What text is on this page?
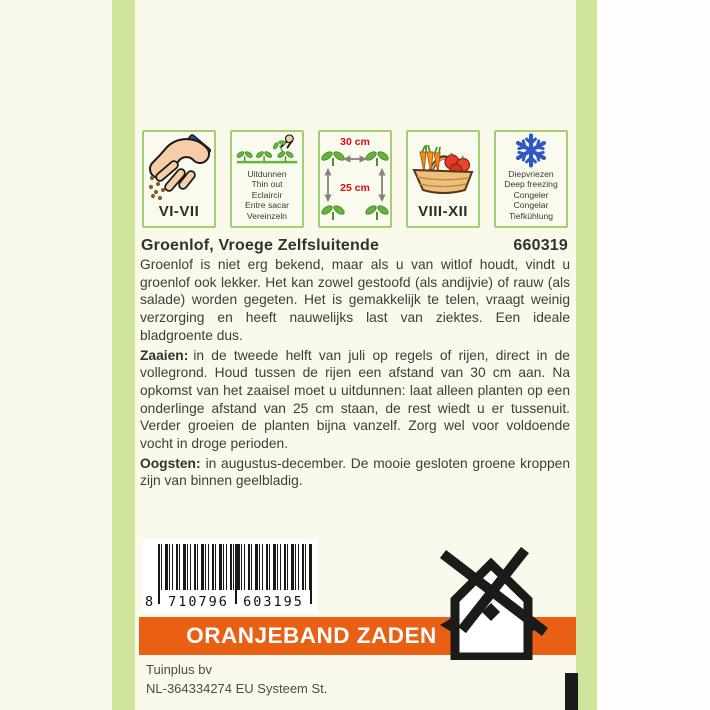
VI-VII
Uitdunnen
Thin out
Eclaircir
Entre sacar
Vereinzeln
30 cm
25 cm
VIII-XII
Diepvriezen
Deep freezing
Congeler
Congelar
Tiefkühlung
Groenlof, Vroege Zelfsluitende	660319

Groenlof is niet erg bekend, maar als u van witlof houdt, vindt u groenlof ook lekker. Het kan zowel gestoofd (als andijvie) of rauw (als salade) worden gegeten. Het is gemakkelijk te telen, vraagt weinig verzorging en heeft nauwelijks last van ziektes. Een ideale bladgroente dus.

Zaaien: in de tweede helft van juli op regels of rijen, direct in de vollegrond. Houd tussen de rijen een afstand van 30 cm aan. Na opkomst van het zaaisel moet u uitdunnen: laat alleen planten op een onderlinge afstand van 25 cm staan, de rest wiedt u er tussenuit. Verder groeien de planten bijna vanzelf. Zorg wel voor voldoende vocht in droge perioden.

Oogsten: in augustus-december. De mooie gesloten groene kroppen zijn van binnen geelbladig.

8	710796	603195
ORANJEBAND ZADEN
Tuinplus bv
NL-364334274 EU Systeem St.
